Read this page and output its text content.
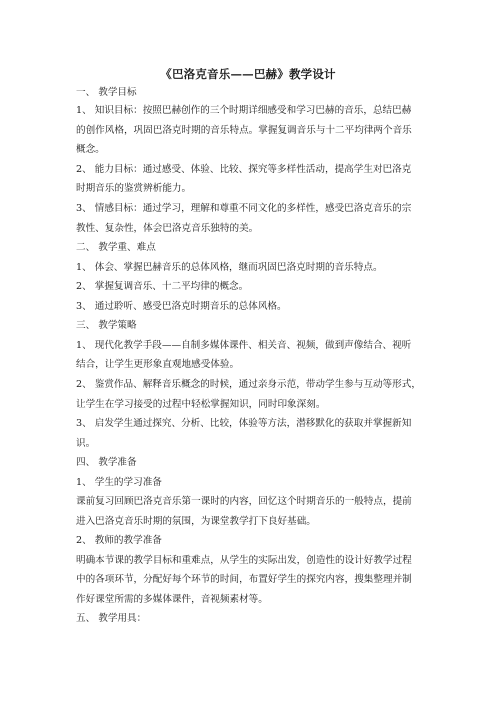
《巴洛克音乐——巴赫》教学设计
一、 教学目标
1、 知识目标：按照巴赫创作的三个时期详细感受和学习巴赫的音乐，总结巴赫
的创作风格，巩固巴洛克时期的音乐特点。掌握复调音乐与十二平均律两个音乐
概念。
2、 能力目标：通过感受、体验、比较、探究等多样性活动，提高学生对巴洛克
时期音乐的鉴赏辨析能力。
3、 情感目标：通过学习，理解和尊重不同文化的多样性，感受巴洛克音乐的宗
教性、复杂性，体会巴洛克音乐独特的美。
二、 教学重、难点
1、 体会、掌握巴赫音乐的总体风格，继而巩固巴洛克时期的音乐特点。
2、 掌握复调音乐、十二平均律的概念。
3、 通过聆听、感受巴洛克时期音乐的总体风格。
三、 教学策略
1、 现代化教学手段——自制多媒体课件、相关音、视频，做到声像结合、视听
结合，让学生更形象直观地感受体验。
2、 鉴赏作品、解释音乐概念的时候，通过亲身示范，带动学生参与互动等形式，
让学生在学习接受的过程中轻松掌握知识，同时印象深刻。
3、 启发学生通过探究、分析、比较，体验等方法，潜移默化的获取并掌握新知
识。
四、 教学准备
1、 学生的学习准备
课前复习回顾巴洛克音乐第一课时的内容，回忆这个时期音乐的一般特点，提前
进入巴洛克音乐时期的氛围，为课堂教学打下良好基础。
2、 教师的教学准备
明确本节课的教学目标和重难点，从学生的实际出发，创造性的设计好教学过程
中的各项环节，分配好每个环节的时间，布置好学生的探究内容，搜集整理并制
作好课堂所需的多媒体课件，音视频素材等。
五、 教学用具：
